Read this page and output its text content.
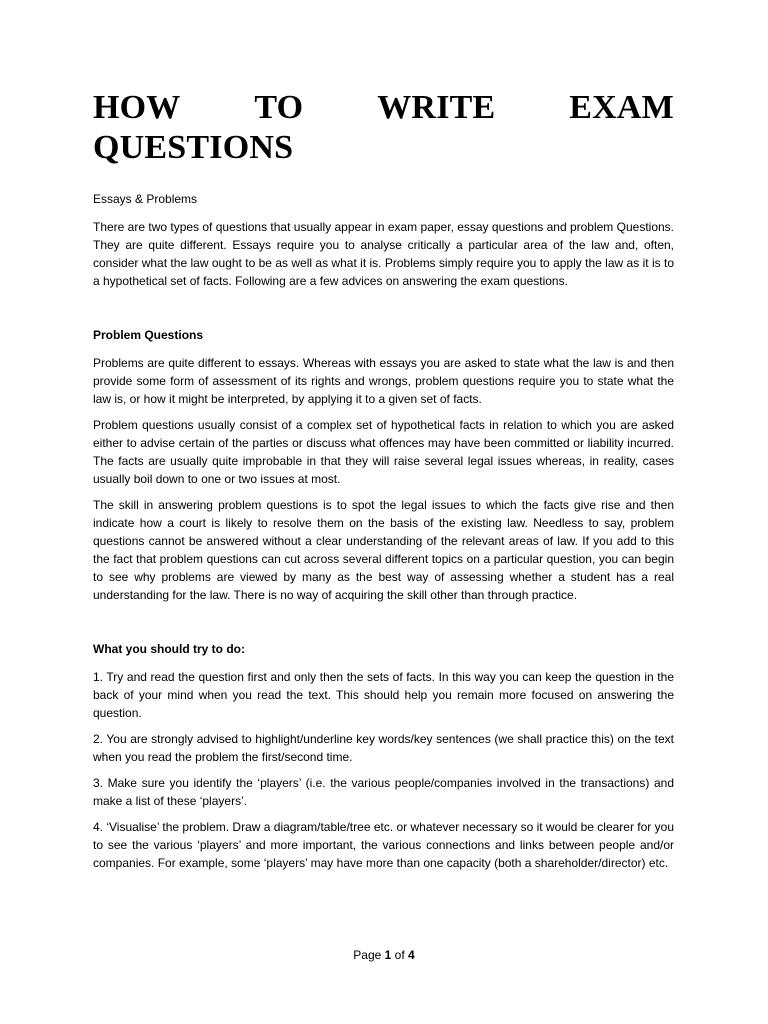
HOW TO WRITE EXAM
QUESTIONS

Essays & Problems

There are two types of questions that usually appear in exam paper, essay questions and problem Questions. They are quite different. Essays require you to analyse critically a particular area of the law and, often, consider what the law ought to be as well as what it is. Problems simply require you to apply the law as it is to a hypothetical set of facts. Following are a few advices on answering the exam questions.

Problem Questions

Problems are quite different to essays. Whereas with essays you are asked to state what the law is and then provide some form of assessment of its rights and wrongs, problem questions require you to state what the law is, or how it might be interpreted, by applying it to a given set of facts.

Problem questions usually consist of a complex set of hypothetical facts in relation to which you are asked either to advise certain of the parties or discuss what offences may have been committed or liability incurred. The facts are usually quite improbable in that they will raise several legal issues whereas, in reality, cases usually boil down to one or two issues at most.

The skill in answering problem questions is to spot the legal issues to which the facts give rise and then indicate how a court is likely to resolve them on the basis of the existing law. Needless to say, problem questions cannot be answered without a clear understanding of the relevant areas of law. If you add to this the fact that problem questions can cut across several different topics on a particular question, you can begin to see why problems are viewed by many as the best way of assessing whether a student has a real understanding for the law. There is no way of acquiring the skill other than through practice.

What you should try to do:

1. Try and read the question first and only then the sets of facts. In this way you can keep the question in the back of your mind when you read the text. This should help you remain more focused on answering the question.

2. You are strongly advised to highlight/underline key words/key sentences (we shall practice this) on the text when you read the problem the first/second time.

3. Make sure you identify the ‘players’ (i.e. the various people/companies involved in the transactions) and make a list of these ‘players’.

4. ‘Visualise’ the problem. Draw a diagram/table/tree etc. or whatever necessary so it would be clearer for you to see the various ‘players’ and more important, the various connections and links between people and/or companies. For example, some ‘players’ may have more than one capacity (both a shareholder/director) etc.

Page 1 of 4
